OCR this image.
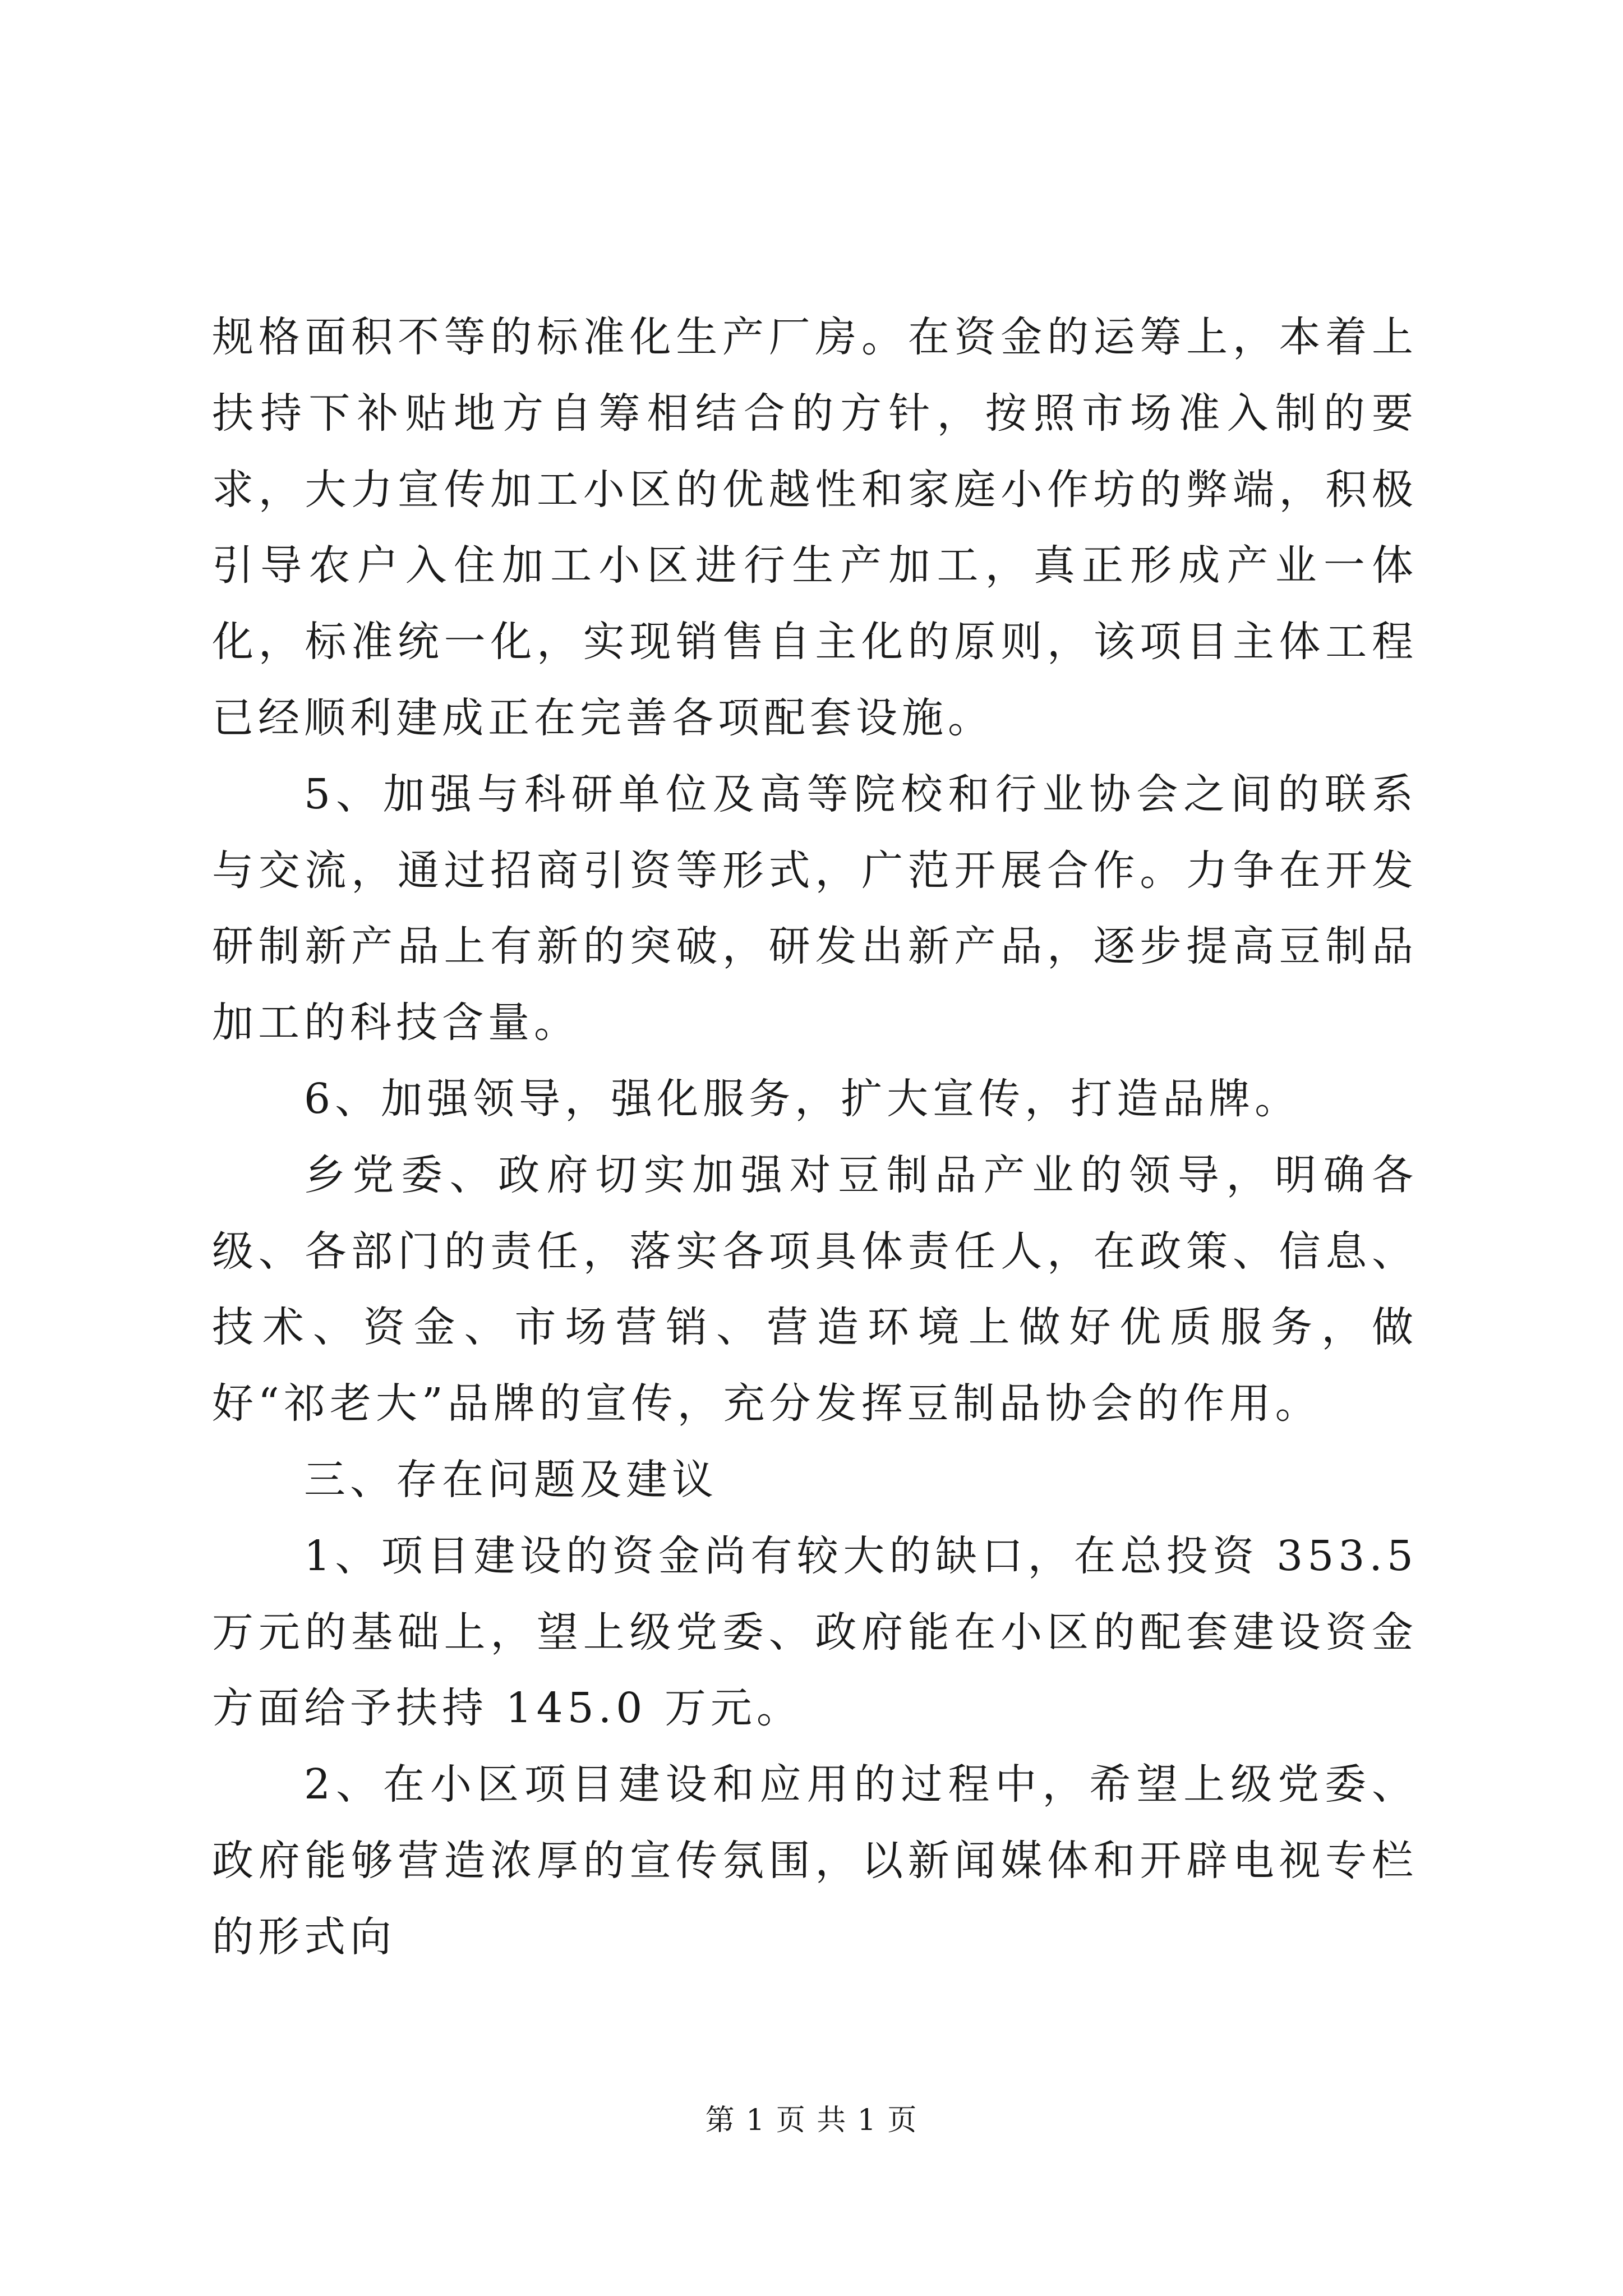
规格面积不等的标准化生产厂房。在资金的运筹上，本着上扶持下补贴地方自筹相结合的方针，按照市场准入制的要求，大力宣传加工小区的优越性和家庭小作坊的弊端，积极引导农户入住加工小区进行生产加工，真正形成产业一体化，标准统一化，实现销售自主化的原则，该项目主体工程已经顺利建成正在完善各项配套设施。

5、加强与科研单位及高等院校和行业协会之间的联系与交流，通过招商引资等形式，广范开展合作。力争在开发研制新产品上有新的突破，研发出新产品，逐步提高豆制品加工的科技含量。

6、加强领导，强化服务，扩大宣传，打造品牌。

乡党委、政府切实加强对豆制品产业的领导，明确各级、各部门的责任，落实各项具体责任人，在政策、信息、技术、资金、市场营销、营造环境上做好优质服务，做好“祁老大”品牌的宣传，充分发挥豆制品协会的作用。

三、存在问题及建议

1、项目建设的资金尚有较大的缺口，在总投资 353.5 万元的基础上，望上级党委、政府能在小区的配套建设资金方面给予扶持 145.0 万元。

2、在小区项目建设和应用的过程中，希望上级党委、政府能够营造浓厚的宣传氛围，以新闻媒体和开辟电视专栏的形式向

第 1 页 共 1 页
